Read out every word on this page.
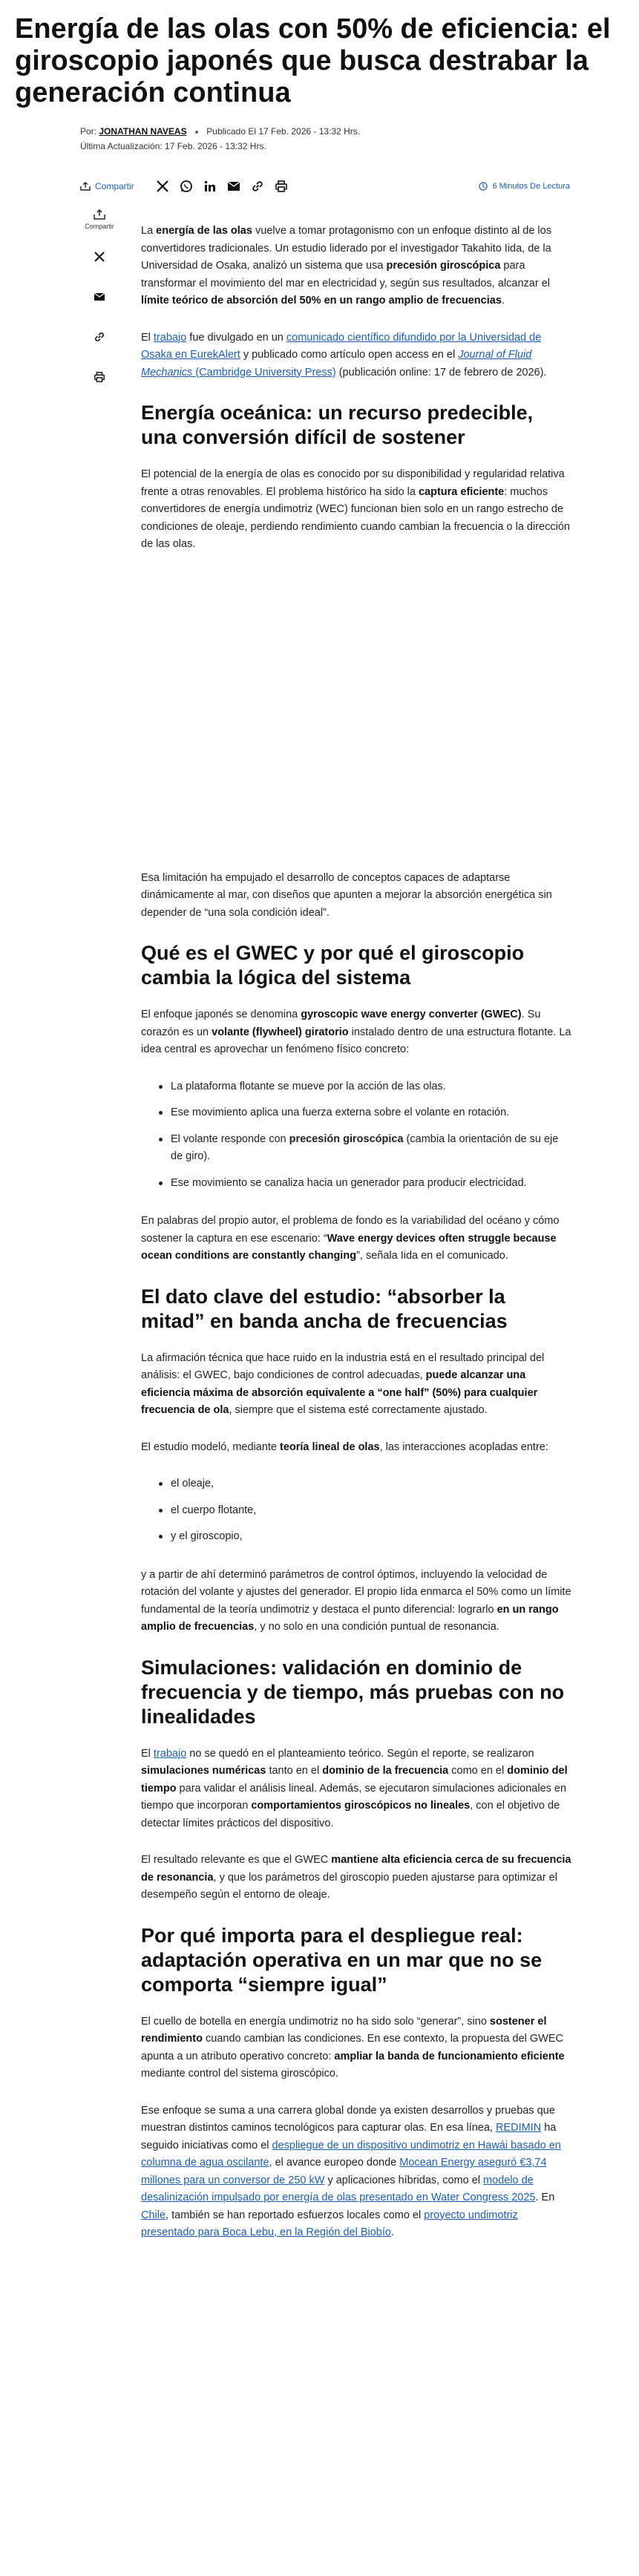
Energía de las olas con 50% de eficiencia: el giroscopio japonés que busca destrabar la generación continua
Por: JONATHAN NAVEAS Publicado El 17 Feb. 2026 - 13:32 Hrs.
Última Actualización: 17 Feb. 2026 - 13:32 Hrs.
Compartir	6 Minutos De Lectura
Compartir	La energía de las olas vuelve a tomar protagonismo con un enfoque distinto al de los convertidores tradicionales. Un estudio liderado por el investigador Takahito Iida, de la Universidad de Osaka, analizó un sistema que usa precesión giroscópica para transformar el movimiento del mar en electricidad y, según sus resultados, alcanzar el límite teórico de absorción del 50% en un rango amplio de frecuencias.

El trabajo fue divulgado en un comunicado científico difundido por la Universidad de Osaka en EurekAlert y publicado como artículo open access en el Journal of Fluid Mechanics (Cambridge University Press) (publicación online: 17 de febrero de 2026).

Energía oceánica: un recurso predecible, una conversión difícil de sostener

El potencial de la energía de olas es conocido por su disponibilidad y regularidad relativa frente a otras renovables. El problema histórico ha sido la captura eficiente: muchos convertidores de energía undimotriz (WEC) funcionan bien solo en un rango estrecho de condiciones de oleaje, perdiendo rendimiento cuando cambian la frecuencia o la dirección de las olas.

Esa limitación ha empujado el desarrollo de conceptos capaces de adaptarse dinámicamente al mar, con diseños que apunten a mejorar la absorción energética sin depender de “una sola condición ideal”.

Qué es el GWEC y por qué el giroscopio cambia la lógica del sistema

El enfoque japonés se denomina gyroscopic wave energy converter (GWEC). Su corazón es un volante (flywheel) giratorio instalado dentro de una estructura flotante. La idea central es aprovechar un fenómeno físico concreto:

La plataforma flotante se mueve por la acción de las olas.
Ese movimiento aplica una fuerza externa sobre el volante en rotación.
El volante responde con precesión giroscópica (cambia la orientación de su eje de giro).
Ese movimiento se canaliza hacia un generador para producir electricidad.

En palabras del propio autor, el problema de fondo es la variabilidad del océano y cómo sostener la captura en ese escenario: “Wave energy devices often struggle because ocean conditions are constantly changing”, señala Iida en el comunicado.

El dato clave del estudio: “absorber la mitad” en banda ancha de frecuencias

La afirmación técnica que hace ruido en la industria está en el resultado principal del análisis: el GWEC, bajo condiciones de control adecuadas, puede alcanzar una eficiencia máxima de absorción equivalente a “one half” (50%) para cualquier frecuencia de ola, siempre que el sistema esté correctamente ajustado.

El estudio modeló, mediante teoría lineal de olas, las interacciones acopladas entre:

el oleaje,
el cuerpo flotante,
y el giroscopio,

y a partir de ahí determinó parámetros de control óptimos, incluyendo la velocidad de rotación del volante y ajustes del generador. El propio Iida enmarca el 50% como un límite fundamental de la teoría undimotriz y destaca el punto diferencial: lograrlo en un rango amplio de frecuencias, y no solo en una condición puntual de resonancia.

Simulaciones: validación en dominio de frecuencia y de tiempo, más pruebas con no linealidades

El trabajo no se quedó en el planteamiento teórico. Según el reporte, se realizaron simulaciones numéricas tanto en el dominio de la frecuencia como en el dominio del tiempo para validar el análisis lineal. Además, se ejecutaron simulaciones adicionales en tiempo que incorporan comportamientos giroscópicos no lineales, con el objetivo de detectar límites prácticos del dispositivo.

El resultado relevante es que el GWEC mantiene alta eficiencia cerca de su frecuencia de resonancia, y que los parámetros del giroscopio pueden ajustarse para optimizar el desempeño según el entorno de oleaje.

Por qué importa para el despliegue real: adaptación operativa en un mar que no se comporta “siempre igual”

El cuello de botella en energía undimotriz no ha sido solo “generar”, sino sostener el rendimiento cuando cambian las condiciones. En ese contexto, la propuesta del GWEC apunta a un atributo operativo concreto: ampliar la banda de funcionamiento eficiente mediante control del sistema giroscópico.

Ese enfoque se suma a una carrera global donde ya existen desarrollos y pruebas que muestran distintos caminos tecnológicos para capturar olas. En esa línea, REDIMIN ha seguido iniciativas como el despliegue de un dispositivo undimotriz en Hawái basado en columna de agua oscilante, el avance europeo donde Mocean Energy aseguró €3,74 millones para un conversor de 250 kW y aplicaciones híbridas, como el modelo de desalinización impulsado por energía de olas presentado en Water Congress 2025. En Chile, también se han reportado esfuerzos locales como el proyecto undimotriz presentado para Boca Lebu, en la Región del Biobío.
